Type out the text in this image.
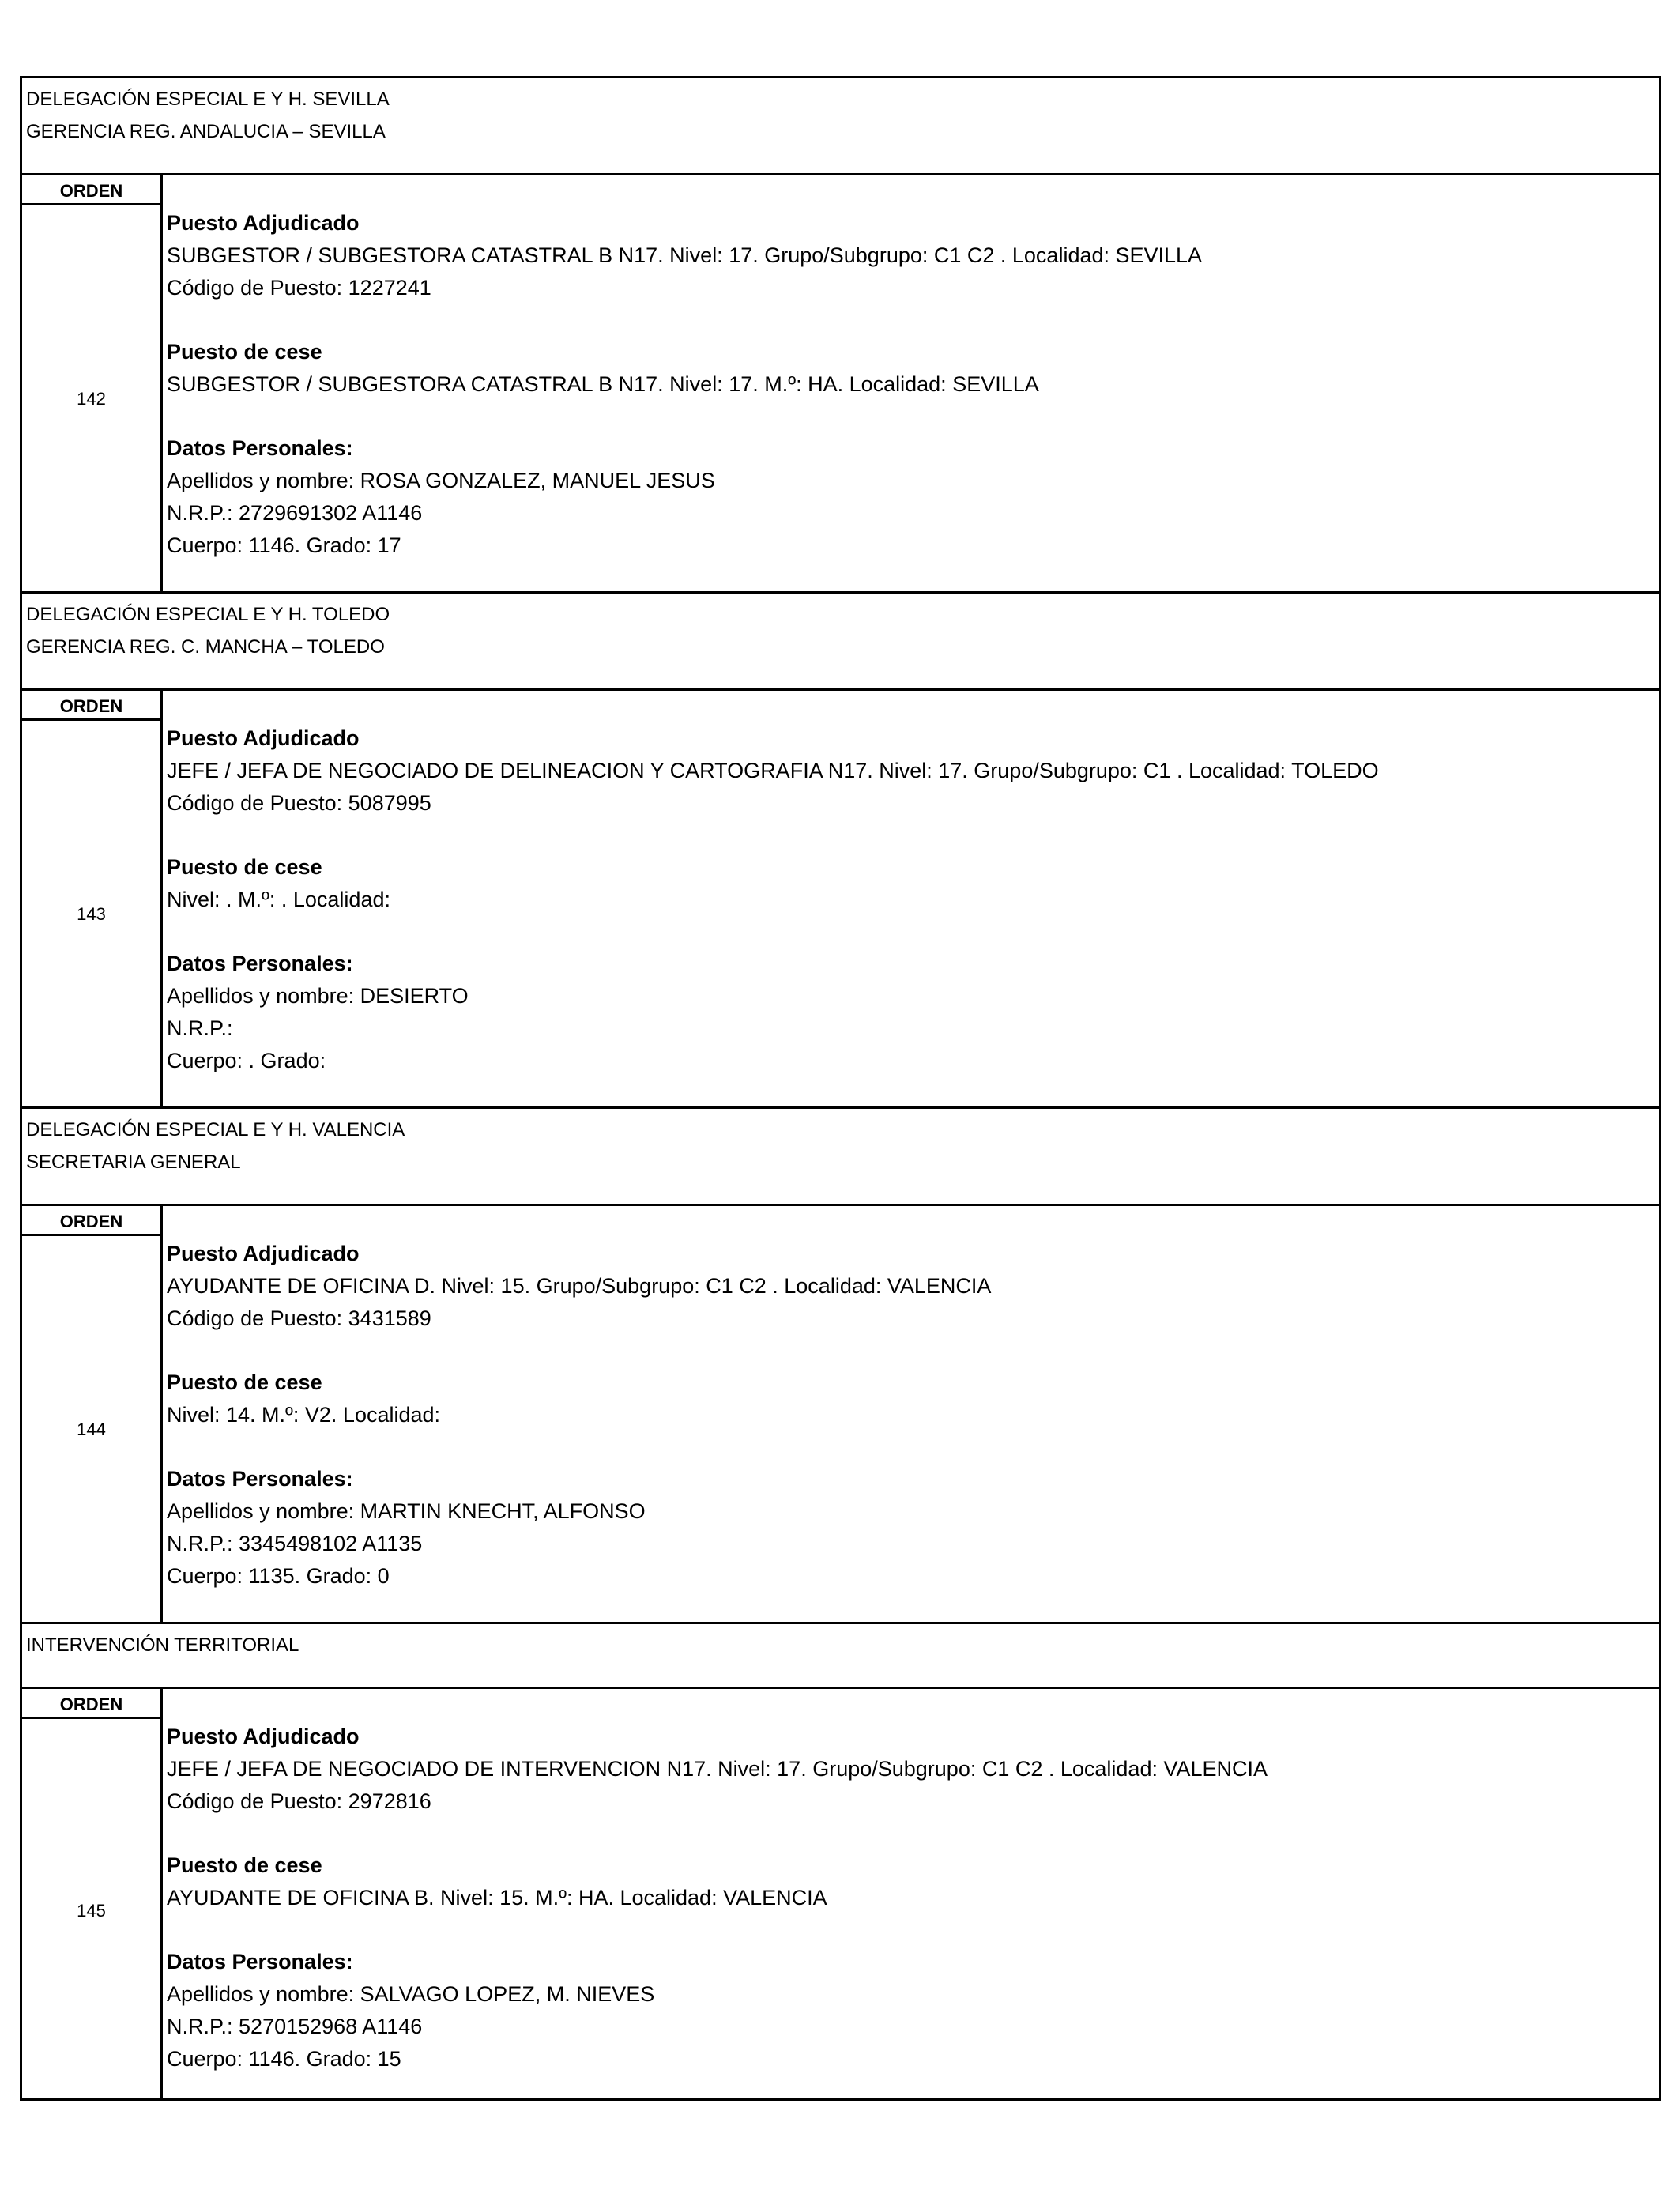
DELEGACIÓN ESPECIAL E Y H. SEVILLA
GERENCIA REG. ANDALUCIA – SEVILLA
ORDEN
142
Puesto Adjudicado
SUBGESTOR / SUBGESTORA CATASTRAL B N17. Nivel: 17. Grupo/Subgrupo: C1 C2 . Localidad: SEVILLA
Código de Puesto: 1227241
Puesto de cese
SUBGESTOR / SUBGESTORA CATASTRAL B N17. Nivel: 17. M.º: HA. Localidad: SEVILLA
Datos Personales:
Apellidos y nombre: ROSA GONZALEZ, MANUEL JESUS
N.R.P.: 2729691302 A1146
Cuerpo: 1146. Grado: 17
DELEGACIÓN ESPECIAL E Y H. TOLEDO
GERENCIA REG. C. MANCHA – TOLEDO
ORDEN
143
Puesto Adjudicado
JEFE / JEFA DE NEGOCIADO DE DELINEACION Y CARTOGRAFIA N17. Nivel: 17. Grupo/Subgrupo: C1 . Localidad: TOLEDO
Código de Puesto: 5087995
Puesto de cese
Nivel: . M.º: . Localidad:
Datos Personales:
Apellidos y nombre: DESIERTO
N.R.P.:
Cuerpo: . Grado:
DELEGACIÓN ESPECIAL E Y H. VALENCIA
SECRETARIA GENERAL
ORDEN
144
Puesto Adjudicado
AYUDANTE DE OFICINA D. Nivel: 15. Grupo/Subgrupo: C1 C2 . Localidad: VALENCIA
Código de Puesto: 3431589
Puesto de cese
Nivel: 14. M.º: V2. Localidad:
Datos Personales:
Apellidos y nombre: MARTIN KNECHT, ALFONSO
N.R.P.: 3345498102 A1135
Cuerpo: 1135. Grado: 0
INTERVENCIÓN TERRITORIAL
ORDEN
145
Puesto Adjudicado
JEFE / JEFA DE NEGOCIADO DE INTERVENCION N17. Nivel: 17. Grupo/Subgrupo: C1 C2 . Localidad: VALENCIA
Código de Puesto: 2972816
Puesto de cese
AYUDANTE DE OFICINA B. Nivel: 15. M.º: HA. Localidad: VALENCIA
Datos Personales:
Apellidos y nombre: SALVAGO LOPEZ, M. NIEVES
N.R.P.: 5270152968 A1146
Cuerpo: 1146. Grado: 15
